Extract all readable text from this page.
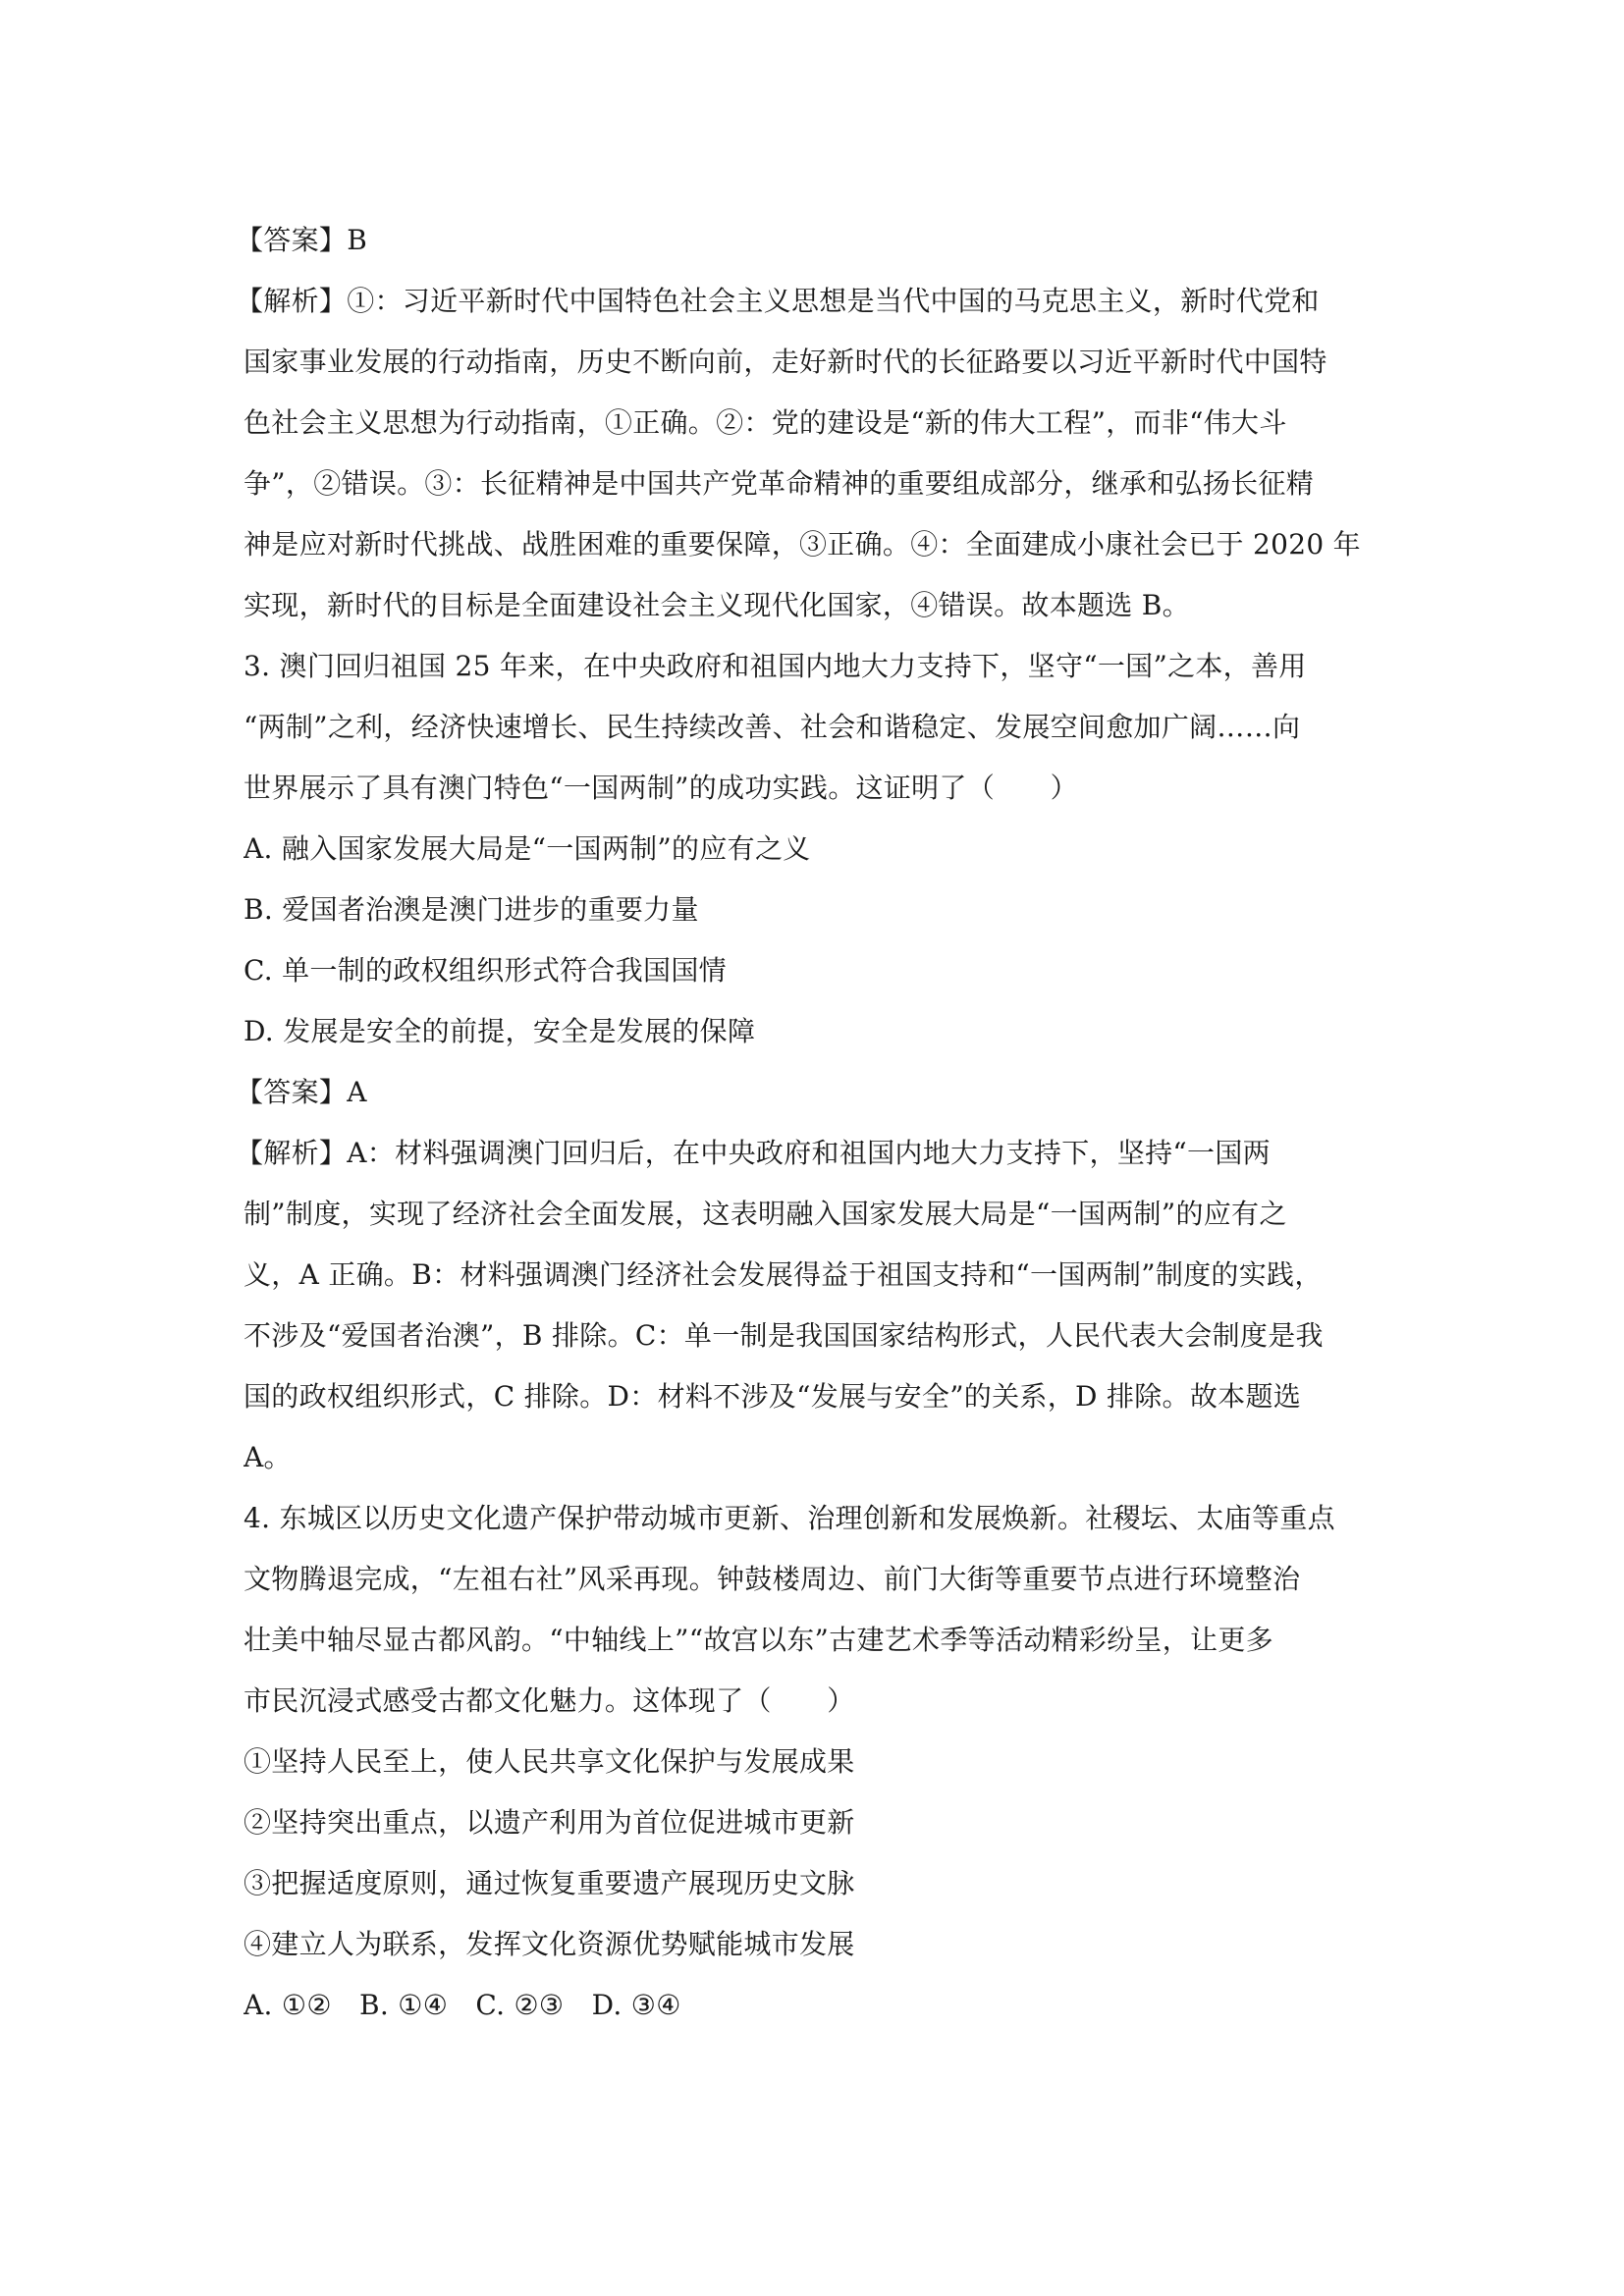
【答案】B
【解析】①：习近平新时代中国特色社会主义思想是当代中国的马克思主义，新时代党和
国家事业发展的行动指南，历史不断向前，走好新时代的长征路要以习近平新时代中国特
色社会主义思想为行动指南，①正确。②：党的建设是“新的伟大工程”，而非“伟大斗
争”，②错误。③：长征精神是中国共产党革命精神的重要组成部分，继承和弘扬长征精
神是应对新时代挑战、战胜困难的重要保障，③正确。④：全面建成小康社会已于 2020 年
实现，新时代的目标是全面建设社会主义现代化国家，④错误。故本题选 B。
3. 澳门回归祖国 25 年来，在中央政府和祖国内地大力支持下，坚守“一国”之本，善用
“两制”之利，经济快速增长、民生持续改善、社会和谐稳定、发展空间愈加广阔……向
世界展示了具有澳门特色“一国两制”的成功实践。这证明了（　　）
A. 融入国家发展大局是“一国两制”的应有之义
B. 爱国者治澳是澳门进步的重要力量
C. 单一制的政权组织形式符合我国国情
D. 发展是安全的前提，安全是发展的保障
【答案】A
【解析】A：材料强调澳门回归后，在中央政府和祖国内地大力支持下，坚持“一国两
制”制度，实现了经济社会全面发展，这表明融入国家发展大局是“一国两制”的应有之
义，A 正确。B：材料强调澳门经济社会发展得益于祖国支持和“一国两制”制度的实践，
不涉及“爱国者治澳”，B 排除。C：单一制是我国国家结构形式，人民代表大会制度是我
国的政权组织形式，C 排除。D：材料不涉及“发展与安全”的关系，D 排除。故本题选
A。
4. 东城区以历史文化遗产保护带动城市更新、治理创新和发展焕新。社稷坛、太庙等重点
文物腾退完成，“左祖右社”风采再现。钟鼓楼周边、前门大街等重要节点进行环境整治
壮美中轴尽显古都风韵。“中轴线上”“故宫以东”古建艺术季等活动精彩纷呈，让更多
市民沉浸式感受古都文化魅力。这体现了（　　）
①坚持人民至上，使人民共享文化保护与发展成果
②坚持突出重点，以遗产利用为首位促进城市更新
③把握适度原则，通过恢复重要遗产展现历史文脉
④建立人为联系，发挥文化资源优势赋能城市发展
A. ①②　B. ①④　C. ②③　D. ③④
